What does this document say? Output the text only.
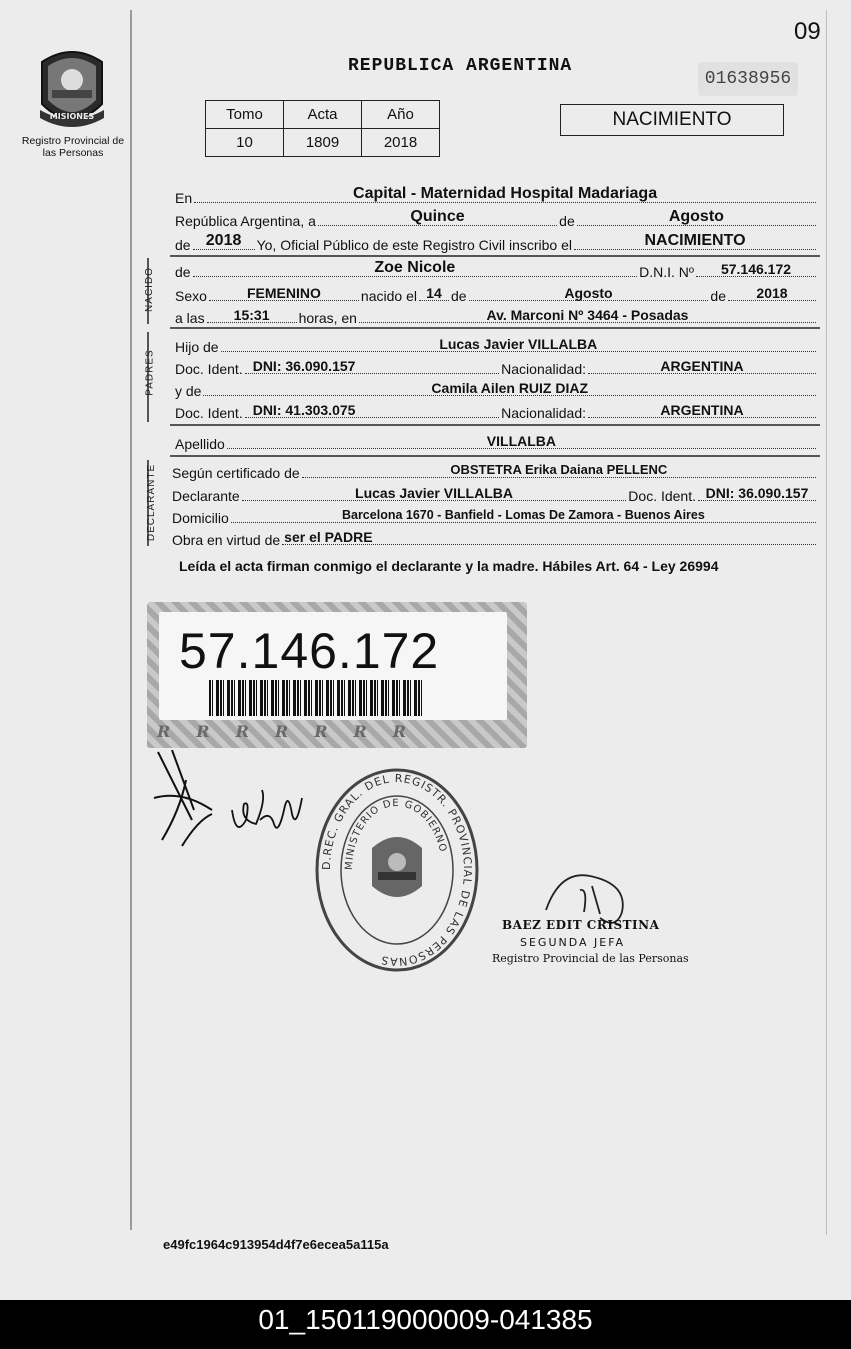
09
MISIONES
Registro Provincial de las Personas
REPUBLICA ARGENTINA
01638956
Tomo	Acta	Año
10	1809	2018
NACIMIENTO
En	Capital - Maternidad Hospital Madariaga
República Argentina, a	Quince	de	Agosto
de 2018	Yo, Oficial Público de este Registro Civil inscribo el	NACIMIENTO
NACIDO de	Zoe Nicole	D.N.I. Nº	57.146.172
Sexo	FEMENINO	nacido el 14 de	Agosto	de	2018
a las	15:31	horas, en	Av. Marconi Nº 3464 - Posadas
PADRES
Hijo de	Lucas Javier VILLALBA
Doc. Ident. DNI: 36.090.157	Nacionalidad:	ARGENTINA
y de	Camila Ailen RUIZ DIAZ
Doc. Ident. DNI: 41.303.075	Nacionalidad:	ARGENTINA
Apellido	VILLALBA
DECLARANTE Según certificado de	OBSTETRA Erika Daiana PELLENC
Declarante	Lucas Javier VILLALBA	Doc. Ident. DNI: 36.090.157
Domicilio	Barcelona 1670 - Banfield - Lomas De Zamora - Buenos Aires
Obra en virtud de ser el PADRE
Leída el acta firman conmigo el declarante y la madre. Hábiles Art. 64 - Ley 26994
57.146.172
RRRRRRR
D.REC. GRAL. DEL REGISTR. PROVINCIAL DE LAS PERSONAS
MINISTERIO DE GOBIERNO
BAEZ EDIT CRISTINA
SEGUNDA JEFA
Registro Provincial de las Personas
e49fc1964c913954d4f7e6ecea5a115a
01_150119000009-041385
